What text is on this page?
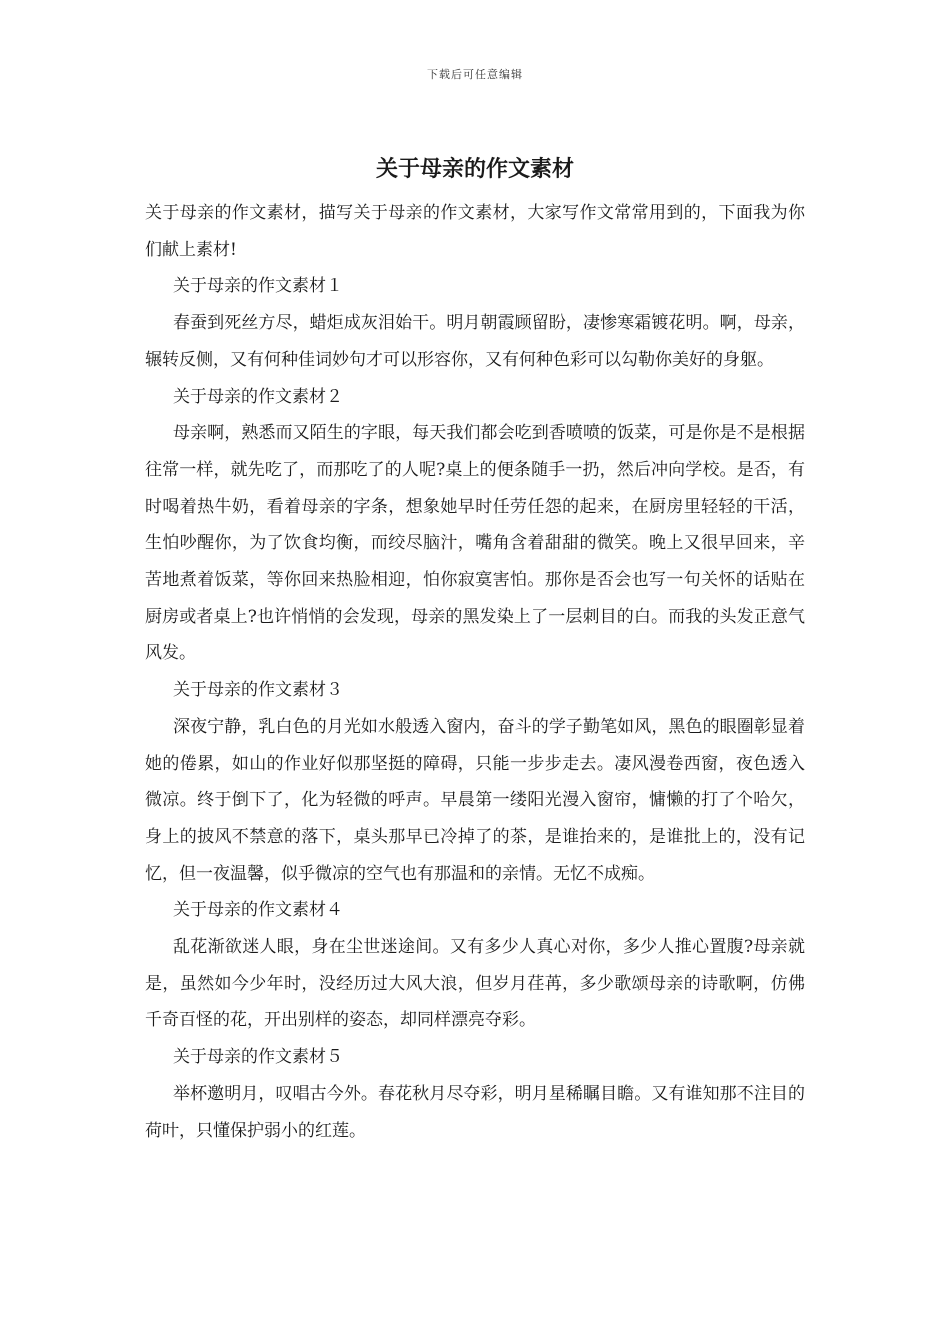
下载后可任意编辑
关于母亲的作文素材

关于母亲的作文素材，描写关于母亲的作文素材，大家写作文常常用到的，下面我为你们献上素材!

关于母亲的作文素材１

春蚕到死丝方尽，蜡炬成灰泪始干。明月朝霞顾留盼，凄惨寒霜镀花明。啊，母亲，辗转反侧，又有何种佳词妙句才可以形容你，又有何种色彩可以勾勒你美好的身躯。

关于母亲的作文素材２

母亲啊，熟悉而又陌生的字眼，每天我们都会吃到香喷喷的饭菜，可是你是不是根据往常一样，就先吃了，而那吃了的人呢?桌上的便条随手一扔，然后冲向学校。是否，有时喝着热牛奶，看着母亲的字条，想象她早时任劳任怨的起来，在厨房里轻轻的干活，生怕吵醒你，为了饮食均衡，而绞尽脑汁，嘴角含着甜甜的微笑。晚上又很早回来，辛苦地煮着饭菜，等你回来热脸相迎，怕你寂寞害怕。那你是否会也写一句关怀的话贴在厨房或者桌上?也许悄悄的会发现，母亲的黑发染上了一层刺目的白。而我的头发正意气风发。

关于母亲的作文素材３

深夜宁静，乳白色的月光如水般透入窗内，奋斗的学子勤笔如风，黑色的眼圈彰显着她的倦累，如山的作业好似那坚挺的障碍，只能一步步走去。凄风漫卷西窗，夜色透入微凉。终于倒下了，化为轻微的呼声。早晨第一缕阳光漫入窗帘，慵懒的打了个哈欠，身上的披风不禁意的落下，桌头那早已冷掉了的茶，是谁抬来的，是谁批上的，没有记忆，但一夜温馨，似乎微凉的空气也有那温和的亲情。无忆不成痴。

关于母亲的作文素材４

乱花渐欲迷人眼，身在尘世迷途间。又有多少人真心对你，多少人推心置腹?母亲就是，虽然如今少年时，没经历过大风大浪，但岁月荏苒，多少歌颂母亲的诗歌啊，仿佛千奇百怪的花，开出别样的姿态，却同样漂亮夺彩。

关于母亲的作文素材５

举杯邀明月，叹唱古今外。春花秋月尽夺彩，明月星稀瞩目瞻。又有谁知那不注目的荷叶，只懂保护弱小的红莲。
